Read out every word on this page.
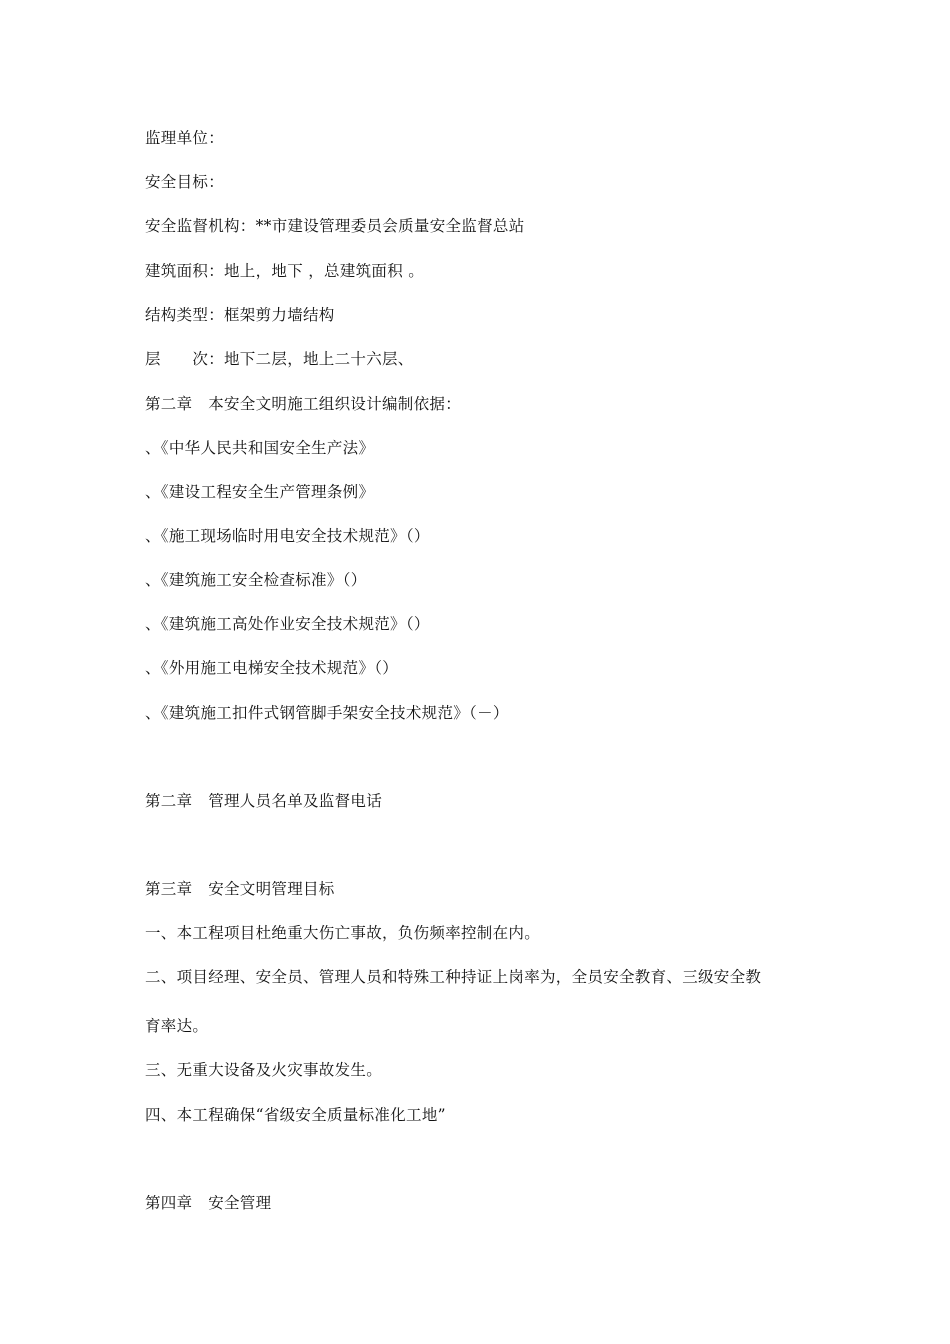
监理单位：
安全目标：
安全监督机构：**市建设管理委员会质量安全监督总站
建筑面积：地上，地下 ，总建筑面积 。
结构类型：框架剪力墙结构
层　　次：地下二层，地上二十六层、
第二章　本安全文明施工组织设计编制依据：
、《中华人民共和国安全生产法》
、《建设工程安全生产管理条例》
、《施工现场临时用电安全技术规范》（）
、《建筑施工安全检查标准》（）
、《建筑施工高处作业安全技术规范》（）
、《外用施工电梯安全技术规范》（）
、《建筑施工扣件式钢管脚手架安全技术规范》（－）
第二章　管理人员名单及监督电话
第三章　安全文明管理目标
一、本工程项目杜绝重大伤亡事故，负伤频率控制在内。
二、项目经理、安全员、管理人员和特殊工种持证上岗率为，全员安全教育、三级安全教
育率达。
三、无重大设备及火灾事故发生。
四、本工程确保“省级安全质量标准化工地”
第四章　安全管理
